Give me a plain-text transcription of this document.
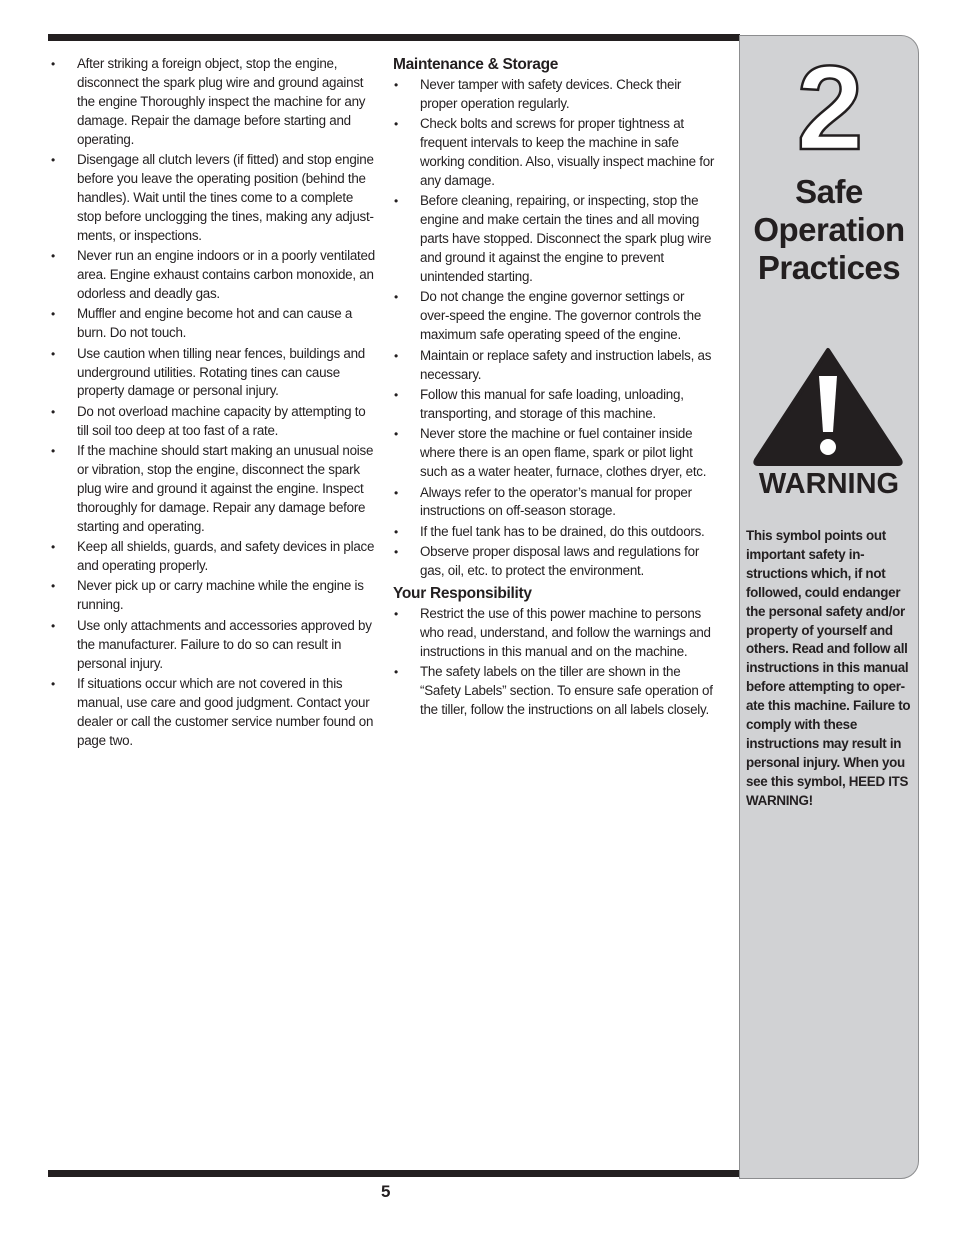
• After striking a foreign object, stop the engine, disconnect the spark plug wire and ground against the engine Thoroughly inspect the machine for any damage. Repair the damage before starting and operating.
• Disengage all clutch levers (if fitted) and stop engine before you leave the operating position (behind the handles). Wait until the tines come to a complete stop before unclogging the tines, making any adjust-ments, or inspections.
• Never run an engine indoors or in a poorly ventilated area. Engine exhaust contains carbon monoxide, an odorless and deadly gas.
• Muffler and engine become hot and can cause a burn. Do not touch.
• Use caution when tilling near fences, buildings and underground utilities. Rotating tines can cause property damage or personal injury.
• Do not overload machine capacity by attempting to till soil too deep at too fast of a rate.
• If the machine should start making an unusual noise or vibration, stop the engine, disconnect the spark plug wire and ground it against the engine. Inspect thoroughly for damage. Repair any damage before starting and operating.
• Keep all shields, guards, and safety devices in place and operating properly.
• Never pick up or carry machine while the engine is running.
• Use only attachments and accessories approved by the manufacturer. Failure to do so can result in personal injury.
• If situations occur which are not covered in this manual, use care and good judgment. Contact your dealer or call the customer service number found on page two.
Maintenance & Storage
• Never tamper with safety devices. Check their proper operation regularly.
• Check bolts and screws for proper tightness at frequent intervals to keep the machine in safe working condition. Also, visually inspect machine for any damage.
• Before cleaning, repairing, or inspecting, stop the engine and make certain the tines and all moving parts have stopped. Disconnect the spark plug wire and ground it against the engine to prevent unintended starting.
• Do not change the engine governor settings or over-speed the engine. The governor controls the maximum safe operating speed of the engine.
• Maintain or replace safety and instruction labels, as necessary.
• Follow this manual for safe loading, unloading, transporting, and storage of this machine.
• Never store the machine or fuel container inside where there is an open flame, spark or pilot light such as a water heater, furnace, clothes dryer, etc.
• Always refer to the operator’s manual for proper instructions on off-season storage.
• If the fuel tank has to be drained, do this outdoors.
• Observe proper disposal laws and regulations for gas, oil, etc. to protect the environment.
Your Responsibility
• Restrict the use of this power machine to persons who read, understand, and follow the warnings and instructions in this manual and on the machine.
• The safety labels on the tiller are shown in the “Safety Labels” section. To ensure safe operation of the tiller, follow the instructions on all labels closely.
5
2
Safe
Operation
Practices
WARNING
This symbol points out important safety in-structions which, if not followed, could endanger the personal safety and/or property of yourself and others. Read and follow all instructions in this manual before attempting to oper-ate this machine. Failure to comply with these instructions may result in personal injury. When you see this symbol, HEED ITS WARNING!
